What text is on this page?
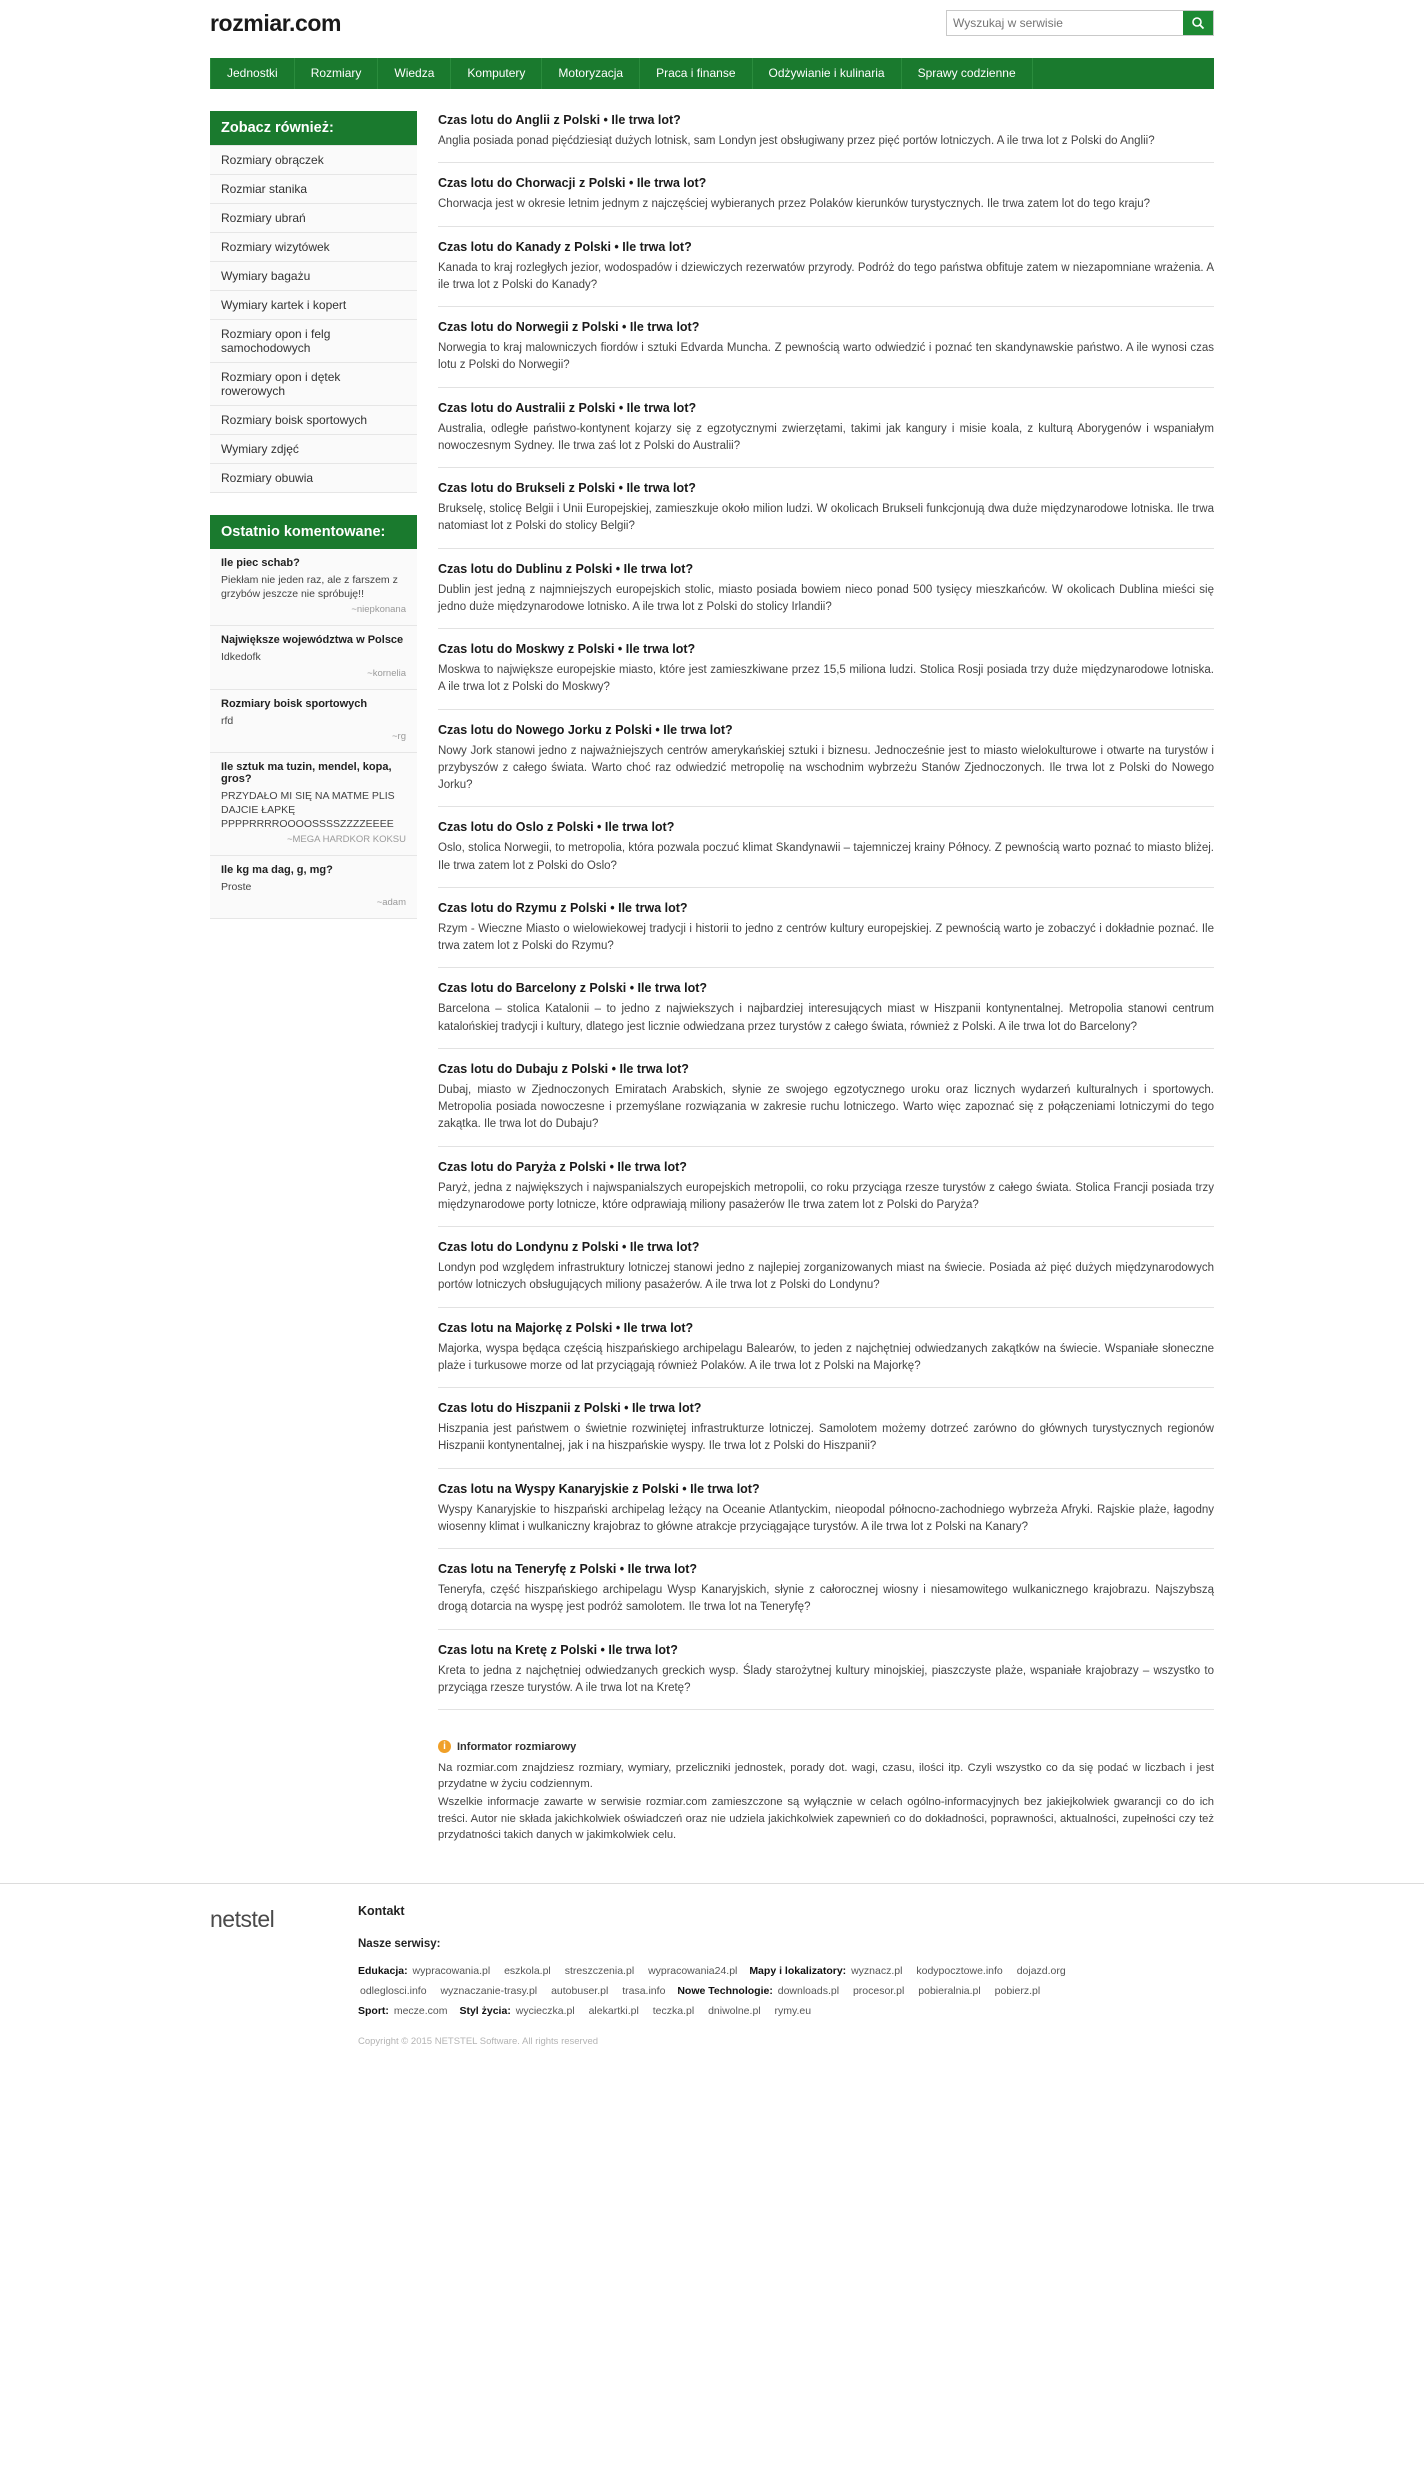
rozmiar.com
Wyszukaj w serwisie
Jednostki	Rozmiary	Wiedza	Komputery	Motoryzacja	Praca i finanse	Odżywianie i kulinaria	Sprawy codzienne
Zobacz również:
Rozmiary obrączek
Rozmiar stanika
Rozmiary ubrań
Rozmiary wizytówek
Wymiary bagażu
Wymiary kartek i kopert
Rozmiary opon i felg samochodowych
Rozmiary opon i dętek rowerowych
Rozmiary boisk sportowych
Wymiary zdjęć
Rozmiary obuwia
Ostatnio komentowane:
Ile piec schab?
Piekłam nie jeden raz, ale z farszem z grzybów jeszcze nie spróbuję!!
~niepkonana
Największe województwa w Polsce
Idkedofk
~kornelia
Rozmiary boisk sportowych
rfd
~rg
Ile sztuk ma tuzin, mendel, kopa, gros?
PRZYDAŁO MI SIĘ NA MATME PLIS DAJCIE ŁAPKĘ PPPPRRRROOOOSSSSZZZZEEEE
~MEGA HARDKOR KOKSU
Ile kg ma dag, g, mg?
Proste
~adam
Czas lotu do Anglii z Polski • Ile trwa lot?

Anglia posiada ponad pięćdziesiąt dużych lotnisk, sam Londyn jest obsługiwany przez pięć portów lotniczych. A ile trwa lot z Polski do Anglii?

Czas lotu do Chorwacji z Polski • Ile trwa lot?

Chorwacja jest w okresie letnim jednym z najczęściej wybieranych przez Polaków kierunków turystycznych. Ile trwa zatem lot do tego kraju?

Czas lotu do Kanady z Polski • Ile trwa lot?

Kanada to kraj rozległych jezior, wodospadów i dziewiczych rezerwatów przyrody. Podróż do tego państwa obfituje zatem w niezapomniane wrażenia. A ile trwa lot z Polski do Kanady?

Czas lotu do Norwegii z Polski • Ile trwa lot?

Norwegia to kraj malowniczych fiordów i sztuki Edvarda Muncha. Z pewnością warto odwiedzić i poznać ten skandynawskie państwo. A ile wynosi czas lotu z Polski do Norwegii?

Czas lotu do Australii z Polski • Ile trwa lot?

Australia, odległe państwo-kontynent kojarzy się z egzotycznymi zwierzętami, takimi jak kangury i misie koala, z kulturą Aborygenów i wspaniałym nowoczesnym Sydney. Ile trwa zaś lot z Polski do Australii?

Czas lotu do Brukseli z Polski • Ile trwa lot?

Brukselę, stolicę Belgii i Unii Europejskiej, zamieszkuje około milion ludzi. W okolicach Brukseli funkcjonują dwa duże międzynarodowe lotniska. Ile trwa natomiast lot z Polski do stolicy Belgii?

Czas lotu do Dublinu z Polski • Ile trwa lot?

Dublin jest jedną z najmniejszych europejskich stolic, miasto posiada bowiem nieco ponad 500 tysięcy mieszkańców. W okolicach Dublina mieści się jedno duże międzynarodowe lotnisko. A ile trwa lot z Polski do stolicy Irlandii?

Czas lotu do Moskwy z Polski • Ile trwa lot?

Moskwa to największe europejskie miasto, które jest zamieszkiwane przez 15,5 miliona ludzi. Stolica Rosji posiada trzy duże międzynarodowe lotniska. A ile trwa lot z Polski do Moskwy?

Czas lotu do Nowego Jorku z Polski • Ile trwa lot?

Nowy Jork stanowi jedno z najważniejszych centrów amerykańskiej sztuki i biznesu. Jednocześnie jest to miasto wielokulturowe i otwarte na turystów i przybyszów z całego świata. Warto choć raz odwiedzić metropolię na wschodnim wybrzeżu Stanów Zjednoczonych. Ile trwa lot z Polski do Nowego Jorku?

Czas lotu do Oslo z Polski • Ile trwa lot?

Oslo, stolica Norwegii, to metropolia, która pozwala poczuć klimat Skandynawii – tajemniczej krainy Północy. Z pewnością warto poznać to miasto bliżej. Ile trwa zatem lot z Polski do Oslo?

Czas lotu do Rzymu z Polski • Ile trwa lot?

Rzym - Wieczne Miasto o wielowiekowej tradycji i historii to jedno z centrów kultury europejskiej. Z pewnością warto je zobaczyć i dokładnie poznać. Ile trwa zatem lot z Polski do Rzymu?

Czas lotu do Barcelony z Polski • Ile trwa lot?

Barcelona – stolica Katalonii – to jedno z najwiekszych i najbardziej interesujących miast w Hiszpanii kontynentalnej. Metropolia stanowi centrum katalońskiej tradycji i kultury, dlatego jest licznie odwiedzana przez turystów z całego świata, również z Polski. A ile trwa lot do Barcelony?

Czas lotu do Dubaju z Polski • Ile trwa lot?

Dubaj, miasto w Zjednoczonych Emiratach Arabskich, słynie ze swojego egzotycznego uroku oraz licznych wydarzeń kulturalnych i sportowych. Metropolia posiada nowoczesne i przemyślane rozwiązania w zakresie ruchu lotniczego. Warto więc zapoznać się z połączeniami lotniczymi do tego zakątka. Ile trwa lot do Dubaju?

Czas lotu do Paryża z Polski • Ile trwa lot?

Paryż, jedna z największych i najwspanialszych europejskich metropolii, co roku przyciąga rzesze turystów z całego świata. Stolica Francji posiada trzy międzynarodowe porty lotnicze, które odprawiają miliony pasażerów Ile trwa zatem lot z Polski do Paryża?

Czas lotu do Londynu z Polski • Ile trwa lot?

Londyn pod względem infrastruktury lotniczej stanowi jedno z najlepiej zorganizowanych miast na świecie. Posiada aż pięć dużych międzynarodowych portów lotniczych obsługujących miliony pasażerów. A ile trwa lot z Polski do Londynu?

Czas lotu na Majorkę z Polski • Ile trwa lot?

Majorka, wyspa będąca częścią hiszpańskiego archipelagu Balearów, to jeden z najchętniej odwiedzanych zakątków na świecie. Wspaniałe słoneczne plaże i turkusowe morze od lat przyciągają również Polaków. A ile trwa lot z Polski na Majorkę?

Czas lotu do Hiszpanii z Polski • Ile trwa lot?

Hiszpania jest państwem o świetnie rozwiniętej infrastrukturze lotniczej. Samolotem możemy dotrzeć zarówno do głównych turystycznych regionów Hiszpanii kontynentalnej, jak i na hiszpańskie wyspy. Ile trwa lot z Polski do Hiszpanii?

Czas lotu na Wyspy Kanaryjskie z Polski • Ile trwa lot?

Wyspy Kanaryjskie to hiszpański archipelag leżący na Oceanie Atlantyckim, nieopodal północno-zachodniego wybrzeża Afryki. Rajskie plaże, łagodny wiosenny klimat i wulkaniczny krajobraz to główne atrakcje przyciągające turystów. A ile trwa lot z Polski na Kanary?

Czas lotu na Teneryfę z Polski • Ile trwa lot?

Teneryfa, część hiszpańskiego archipelagu Wysp Kanaryjskich, słynie z całorocznej wiosny i niesamowitego wulkanicznego krajobrazu. Najszybszą drogą dotarcia na wyspę jest podróż samolotem. Ile trwa lot na Teneryfę?

Czas lotu na Kretę z Polski • Ile trwa lot?

Kreta to jedna z najchętniej odwiedzanych greckich wysp. Ślady starożytnej kultury minojskiej, piaszczyste plaże, wspaniałe krajobrazy – wszystko to przyciąga rzesze turystów. A ile trwa lot na Kretę?

i	Informator rozmiarowy

Na rozmiar.com znajdziesz rozmiary, wymiary, przeliczniki jednostek, porady dot. wagi, czasu, ilości itp. Czyli wszystko co da się podać w liczbach i jest przydatne w życiu codziennym.

Wszelkie informacje zawarte w serwisie rozmiar.com zamieszczone są wyłącznie w celach ogólno-informacyjnych bez jakiejkolwiek gwarancji co do ich treści. Autor nie składa jakichkolwiek oświadczeń oraz nie udziela jakichkolwiek zapewnień co do dokładności, poprawności, aktualności, zupełności czy też przydatności takich danych w jakimkolwiek celu.

netstel	Kontakt
Nasze serwisy:
Edukacja: wypracowania.pl eszkola.pl streszczenia.pl wypracowania24.pl Mapy i lokalizatory: wyznacz.pl kodypocztowe.info dojazd.org
odleglosci.info wyznaczanie-trasy.pl autobuser.pl trasa.info Nowe Technologie: downloads.pl procesor.pl pobieralnia.pl pobierz.pl
Sport: mecze.com Styl życia: wycieczka.pl alekartki.pl teczka.pl dniwolne.pl rymy.eu
Copyright © 2015 NETSTEL Software. All rights reserved
